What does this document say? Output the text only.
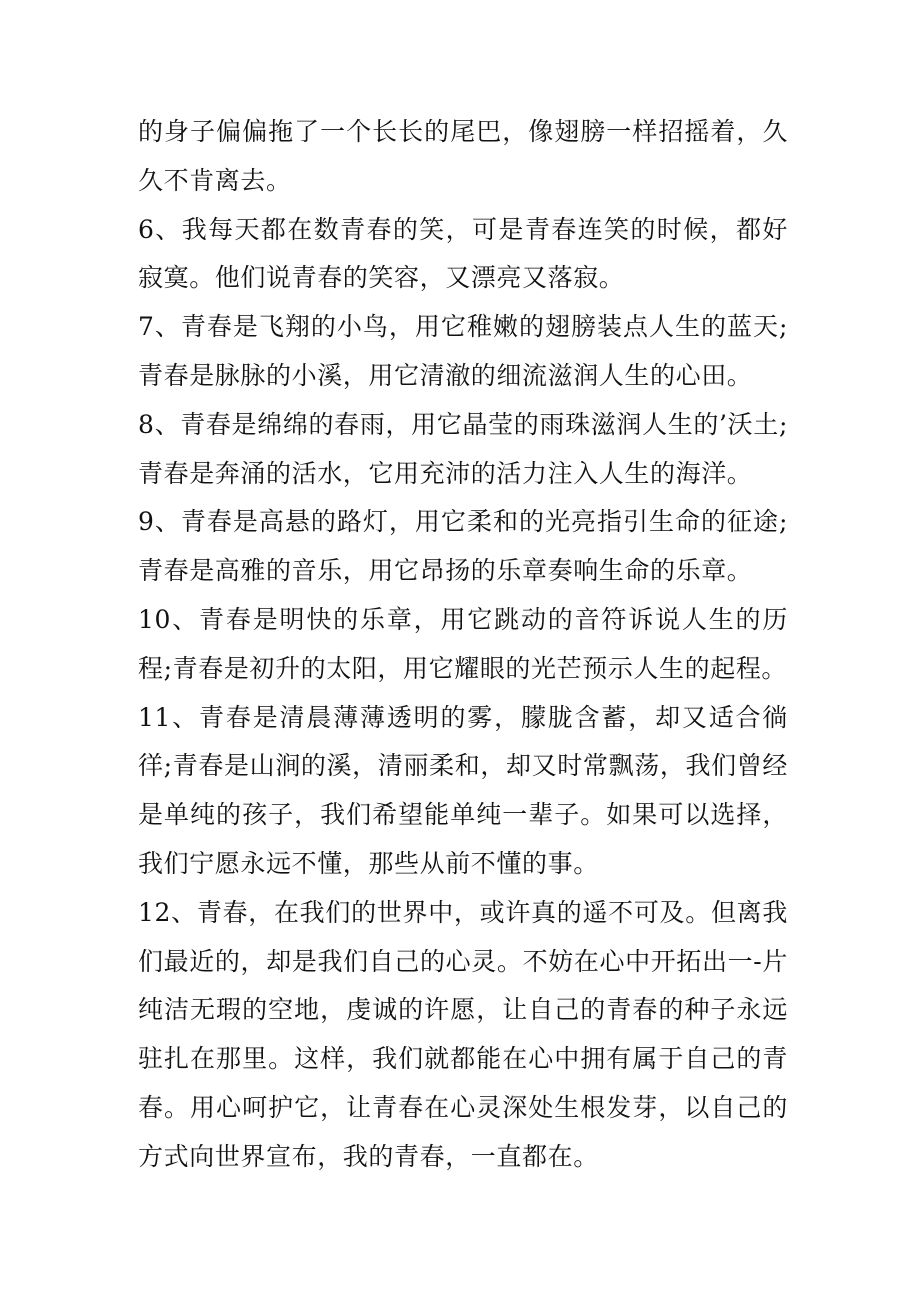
的身子偏偏拖了一个长长的尾巴，像翅膀一样招摇着，久久不肯离去。

6、我每天都在数青春的笑，可是青春连笑的时候，都好寂寞。他们说青春的笑容，又漂亮又落寂。

7、青春是飞翔的小鸟，用它稚嫩的翅膀装点人生的蓝天;青春是脉脉的小溪，用它清澈的细流滋润人生的心田。

8、青春是绵绵的春雨，用它晶莹的雨珠滋润人生的’沃土;青春是奔涌的活水，它用充沛的活力注入人生的海洋。

9、青春是高悬的路灯，用它柔和的光亮指引生命的征途;青春是高雅的音乐，用它昂扬的乐章奏响生命的乐章。

10、青春是明快的乐章，用它跳动的音符诉说人生的历程;青春是初升的太阳，用它耀眼的光芒预示人生的起程。

11、青春是清晨薄薄透明的雾，朦胧含蓄，却又适合徜徉;青春是山涧的溪，清丽柔和，却又时常飘荡，我们曾经是单纯的孩子，我们希望能单纯一辈子。如果可以选择，我们宁愿永远不懂，那些从前不懂的事。

12、青春，在我们的世界中，或许真的遥不可及。但离我们最近的，却是我们自己的心灵。不妨在心中开拓出一-片纯洁无瑕的空地，虔诚的许愿，让自己的青春的种子永远驻扎在那里。这样，我们就都能在心中拥有属于自己的青春。用心呵护它，让青春在心灵深处生根发芽，以自己的方式向世界宣布，我的青春，一直都在。
